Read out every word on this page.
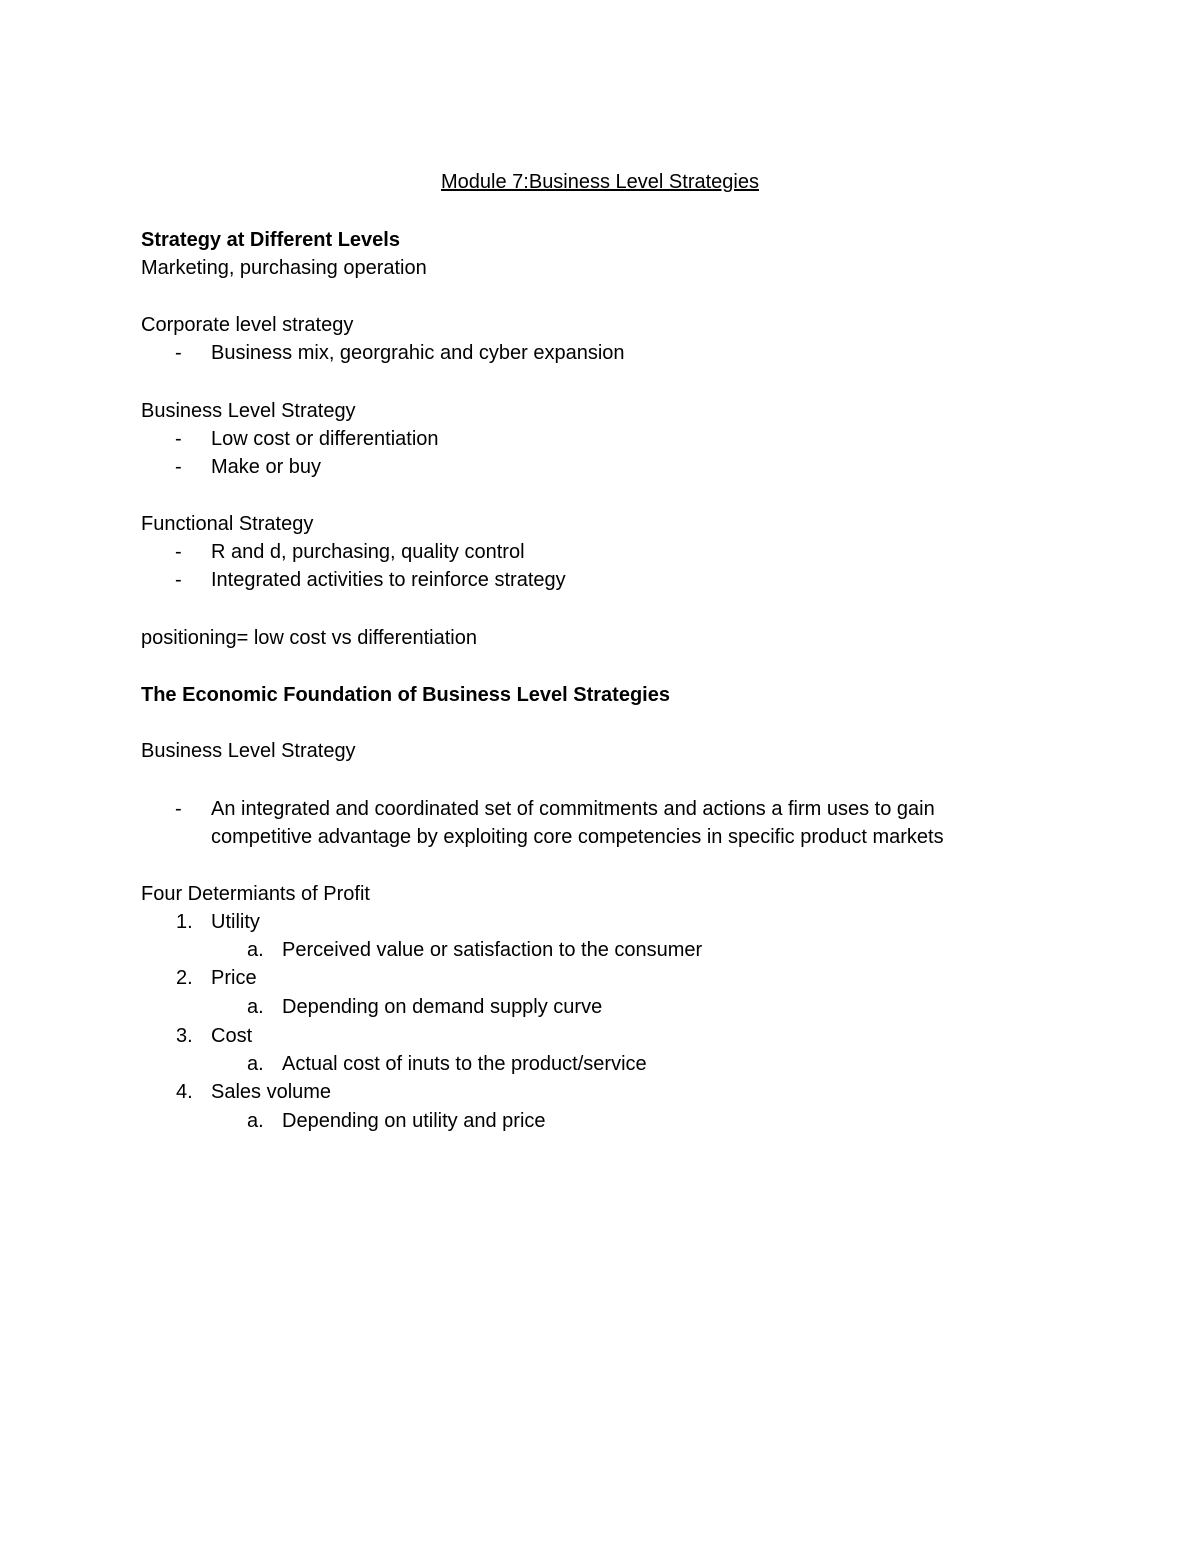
Module 7:Business Level Strategies
Strategy at Different Levels
Marketing, purchasing operation
Corporate level strategy
- Business mix, georgrahic and cyber expansion
Business Level Strategy
- Low cost or differentiation
- Make or buy
Functional Strategy
- R and d, purchasing, quality control
- Integrated activities to reinforce strategy
positioning= low cost vs differentiation
The Economic Foundation of Business Level Strategies
Business Level Strategy
- An integrated and coordinated set of commitments and actions a firm uses to gain
competitive advantage by exploiting core competencies in specific product markets
Four Determiants of Profit
1. Utility
a. Perceived value or satisfaction to the consumer
2. Price
a. Depending on demand supply curve
3. Cost
a. Actual cost of inuts to the product/service
4. Sales volume
a. Depending on utility and price
